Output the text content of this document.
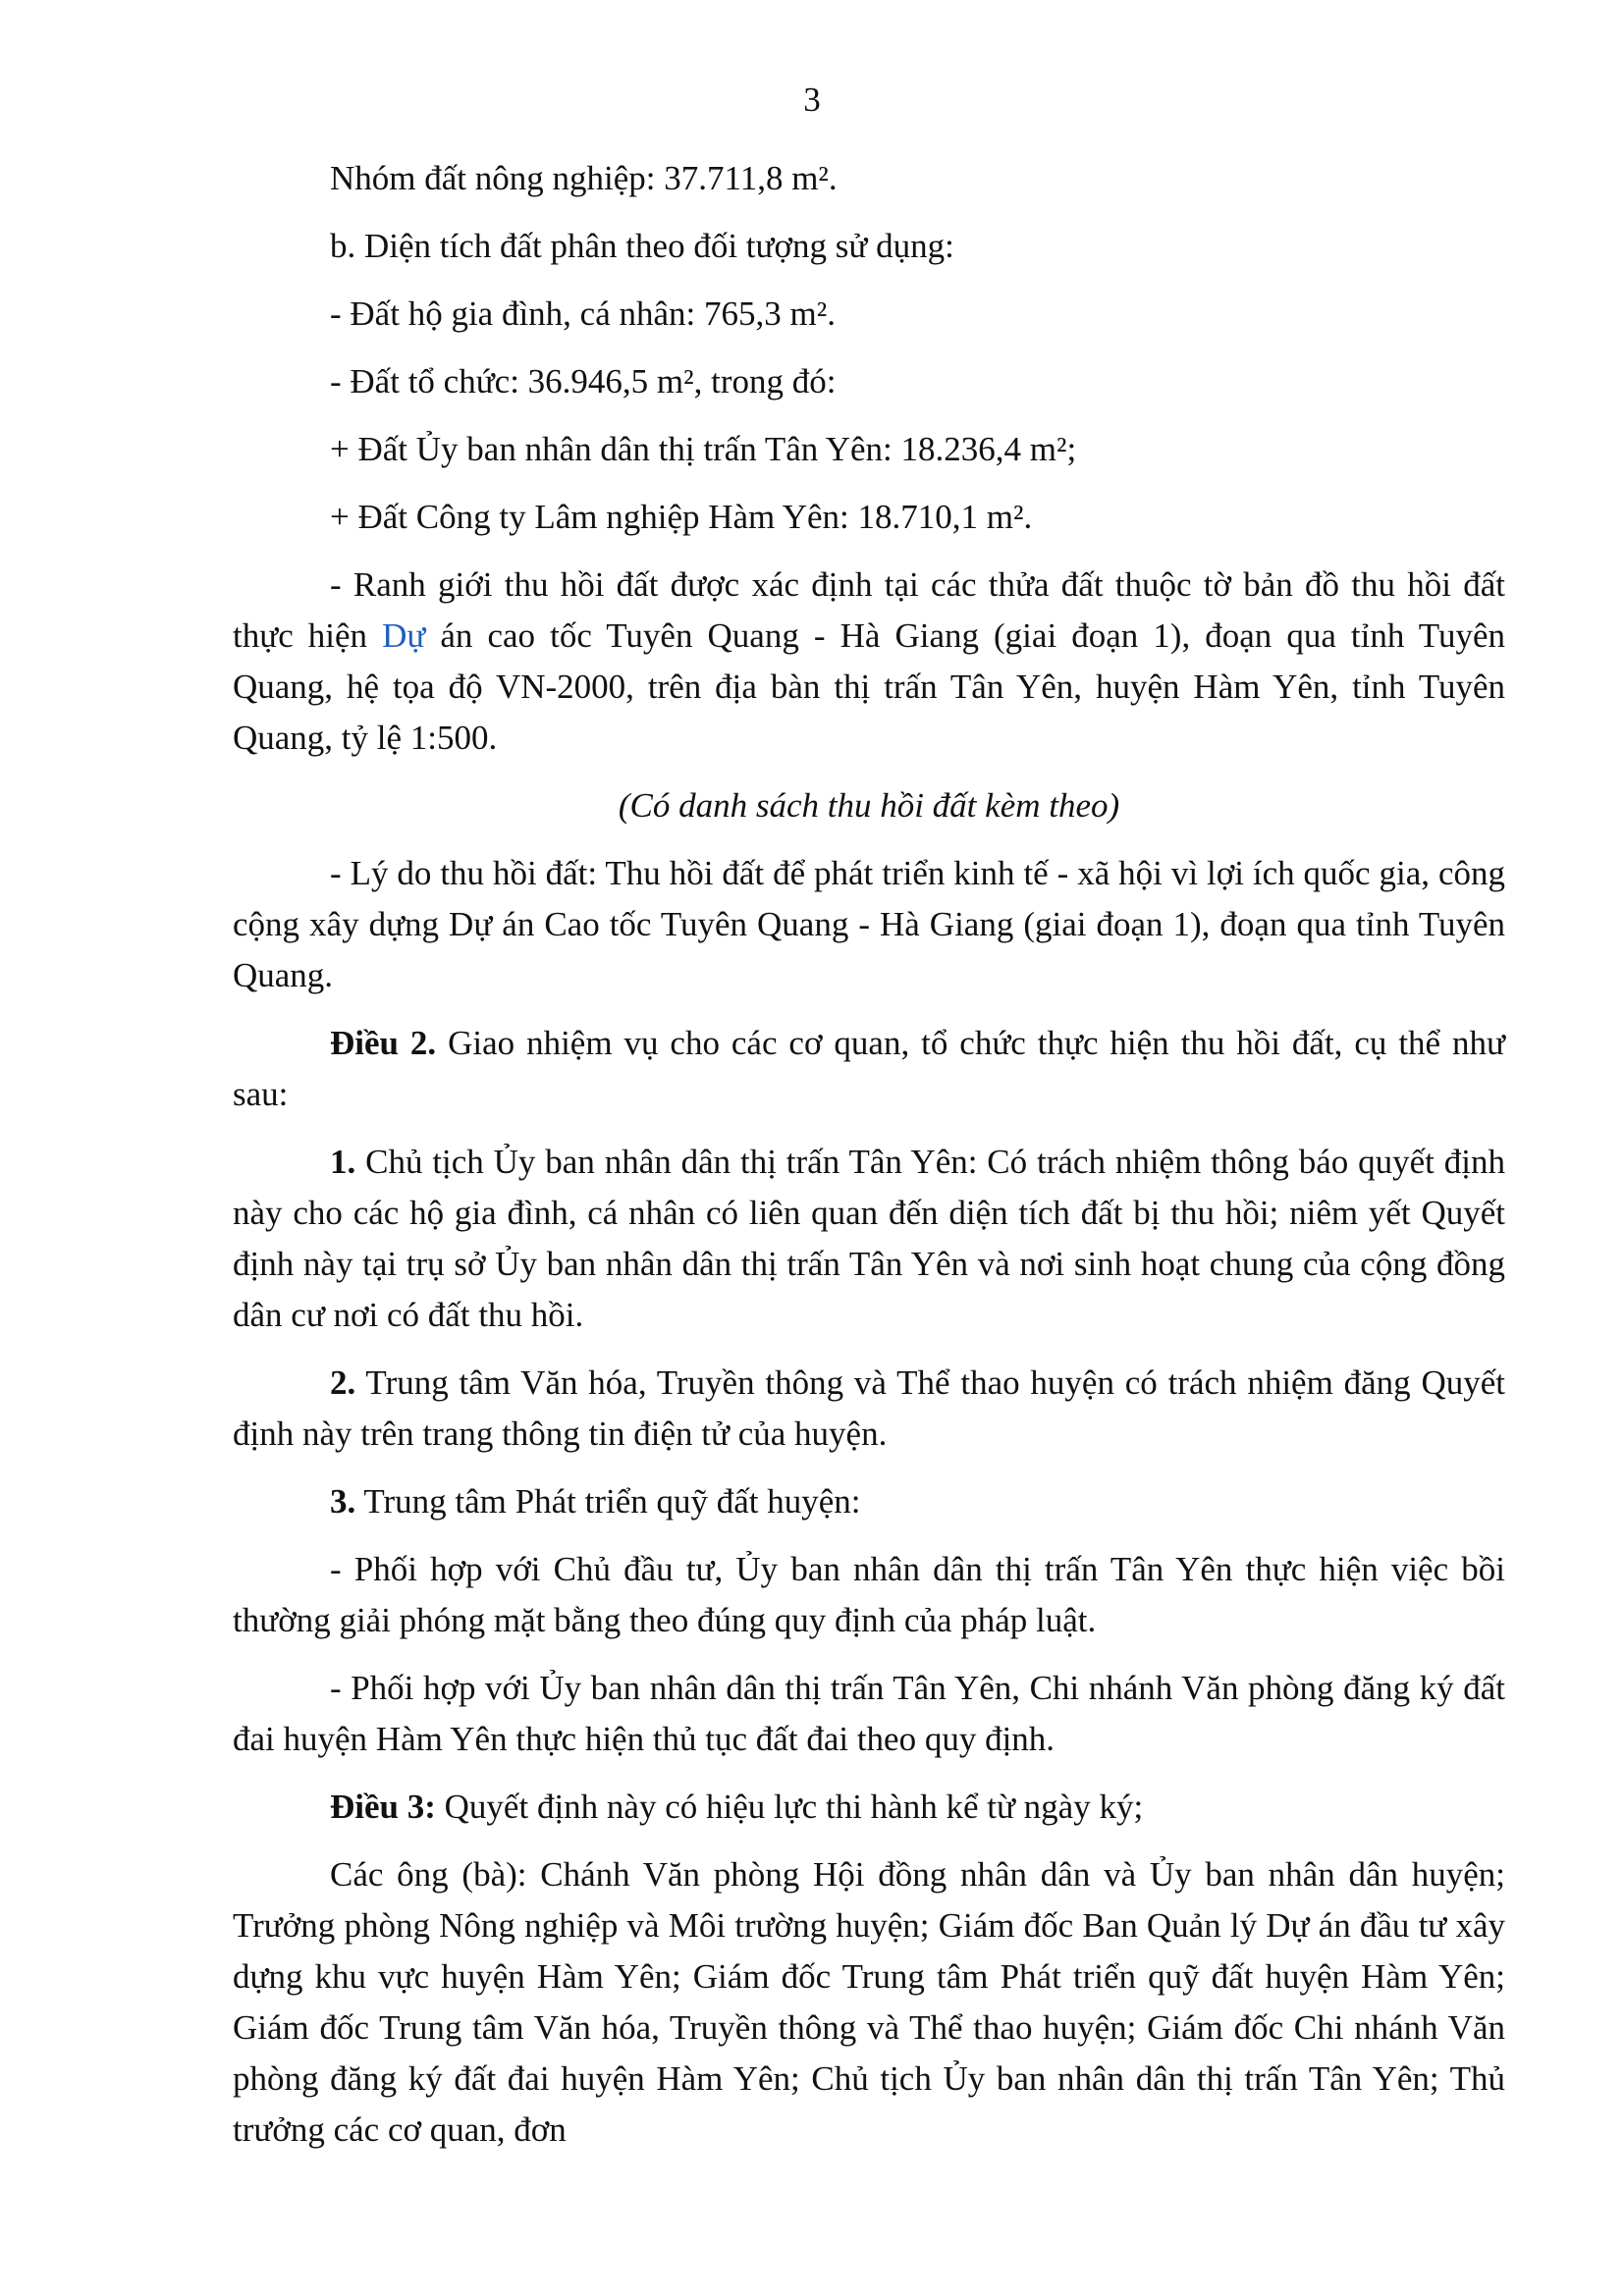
3

Nhóm đất nông nghiệp: 37.711,8 m².

b. Diện tích đất phân theo đối tượng sử dụng:

- Đất hộ gia đình, cá nhân: 765,3 m².

- Đất tổ chức: 36.946,5 m², trong đó:

+ Đất Ủy ban nhân dân thị trấn Tân Yên: 18.236,4 m²;

+ Đất Công ty Lâm nghiệp Hàm Yên: 18.710,1 m².

- Ranh giới thu hồi đất được xác định tại các thửa đất thuộc tờ bản đồ thu hồi đất thực hiện Dự án cao tốc Tuyên Quang - Hà Giang (giai đoạn 1), đoạn qua tỉnh Tuyên Quang, hệ tọa độ VN-2000, trên địa bàn thị trấn Tân Yên, huyện Hàm Yên, tỉnh Tuyên Quang, tỷ lệ 1:500.

(Có danh sách thu hồi đất kèm theo)

- Lý do thu hồi đất: Thu hồi đất để phát triển kinh tế - xã hội vì lợi ích quốc gia, công cộng xây dựng Dự án Cao tốc Tuyên Quang - Hà Giang (giai đoạn 1), đoạn qua tỉnh Tuyên Quang.

Điều 2. Giao nhiệm vụ cho các cơ quan, tổ chức thực hiện thu hồi đất, cụ thể như sau:

1. Chủ tịch Ủy ban nhân dân thị trấn Tân Yên: Có trách nhiệm thông báo quyết định này cho các hộ gia đình, cá nhân có liên quan đến diện tích đất bị thu hồi; niêm yết Quyết định này tại trụ sở Ủy ban nhân dân thị trấn Tân Yên và nơi sinh hoạt chung của cộng đồng dân cư nơi có đất thu hồi.

2. Trung tâm Văn hóa, Truyền thông và Thể thao huyện có trách nhiệm đăng Quyết định này trên trang thông tin điện tử của huyện.

3. Trung tâm Phát triển quỹ đất huyện:

- Phối hợp với Chủ đầu tư, Ủy ban nhân dân thị trấn Tân Yên thực hiện việc bồi thường giải phóng mặt bằng theo đúng quy định của pháp luật.

- Phối hợp với Ủy ban nhân dân thị trấn Tân Yên, Chi nhánh Văn phòng đăng ký đất đai huyện Hàm Yên thực hiện thủ tục đất đai theo quy định.

Điều 3: Quyết định này có hiệu lực thi hành kể từ ngày ký;

Các ông (bà): Chánh Văn phòng Hội đồng nhân dân và Ủy ban nhân dân huyện; Trưởng phòng Nông nghiệp và Môi trường huyện; Giám đốc Ban Quản lý Dự án đầu tư xây dựng khu vực huyện Hàm Yên; Giám đốc Trung tâm Phát triển quỹ đất huyện Hàm Yên; Giám đốc Trung tâm Văn hóa, Truyền thông và Thể thao huyện; Giám đốc Chi nhánh Văn phòng đăng ký đất đai huyện Hàm Yên; Chủ tịch Ủy ban nhân dân thị trấn Tân Yên; Thủ trưởng các cơ quan, đơn
